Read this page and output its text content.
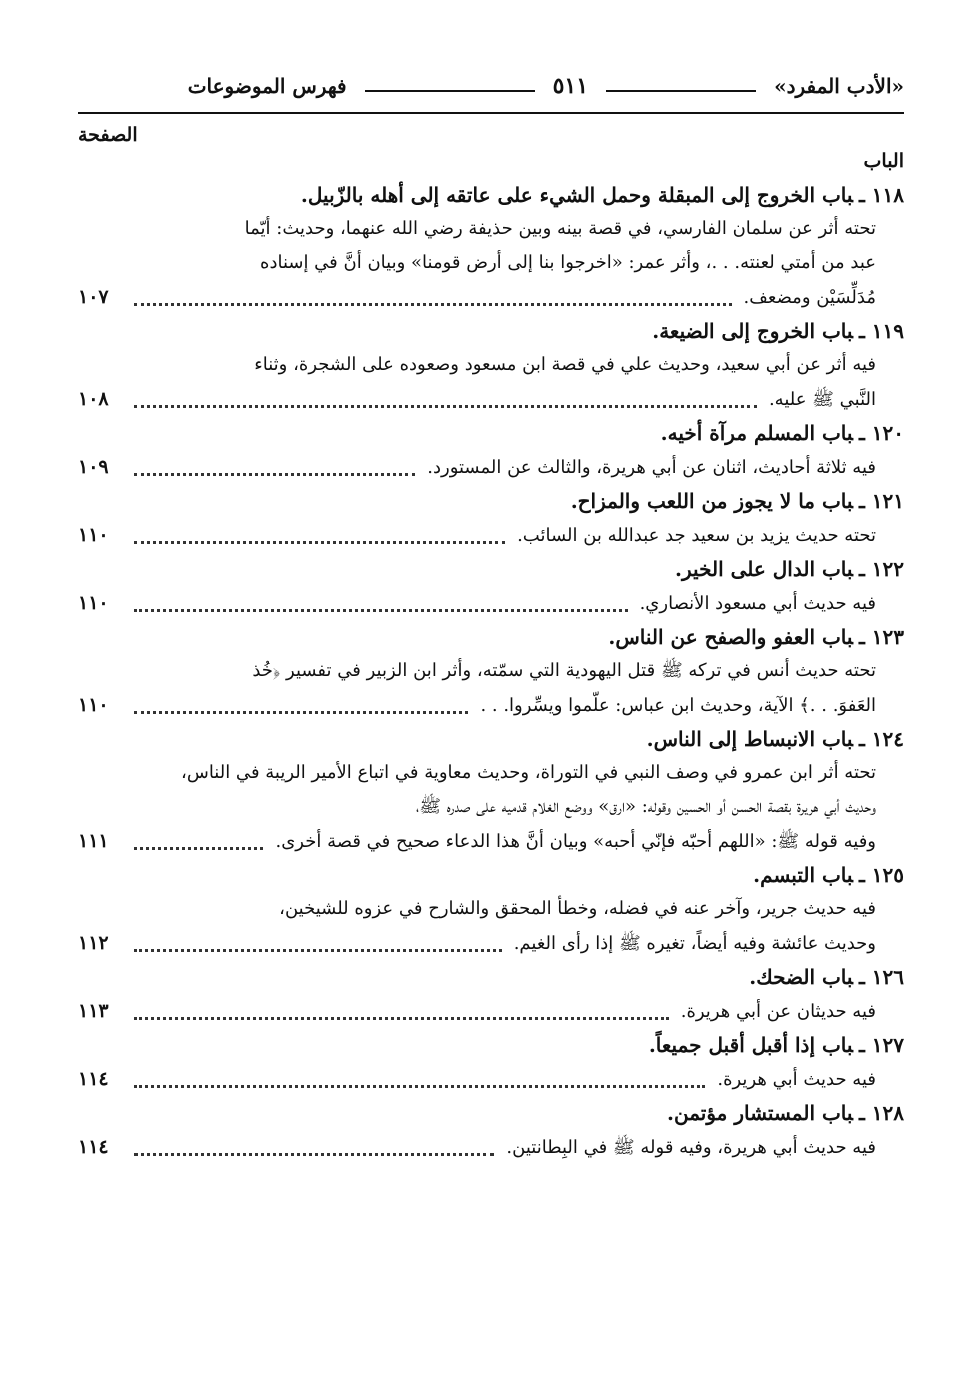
«الأدب المفرد»
٥١١
فهرس الموضوعات
الباب
الصفحة
١١٨ ـباب الخروج إلى المبقلة وحمل الشيء على عاتقه إلى أهله بالزّبيل.
تحته أثر عن سلمان الفارسي، في قصة بينه وبين حذيفة رضي الله عنهما، وحديث: أيّما
عبد من أمتي لعنته. . .، وأثر عمر: «اخرجوا بنا إلى أرض قومنا» وبيان أنَّ في إسناده
مُدَلِّسَيْن ومضعف.
١٠٧
١١٩ ـباب الخروج إلى الضيعة.
فيه أثر عن أبي سعيد، وحديث علي في قصة ابن مسعود وصعوده على الشجرة، وثناء
النَّبي ﷺ عليه.
١٠٨
١٢٠ ـباب المسلم مرآة أخيه.
فيه ثلاثة أحاديث، اثنان عن أبي هريرة، والثالث عن المستورد.
١٠٩
١٢١ ـباب ما لا يجوز من اللعب والمزاح.
تحته حديث يزيد بن سعيد جد عبدالله بن السائب.
١١٠
١٢٢ ـباب الدال على الخير.
فيه حديث أبي مسعود الأنصاري.
١١٠
١٢٣ ـباب العفو والصفح عن الناس.
تحته حديث أنس في تركه ﷺ قتل اليهودية التي سمّته، وأثر ابن الزبير في تفسير ﴿خُذ
العَفوَ. . .﴾ الآية، وحديث ابن عباس: علّموا ويسِّروا. . .
١١٠
١٢٤ ـباب الانبساط إلى الناس.
تحته أثر ابن عمرو في وصف النبي في التوراة، وحديث معاوية في اتباع الأمير الريبة في الناس،
وحديث أبي هريرة بقصة الحسن أو الحسين وقوله: «ارق» ووضع الغلام قدميه على صدره ﷺ،
وفيه قوله ﷺ: «اللهم أحبّه فإنّي أحبه» وبيان أنَّ هذا الدعاء صحيح في قصة أخرى.
١١١
١٢٥ ـباب التبسم.
فيه حديث جرير، وآخر عنه في فضله، وخطأ المحقق والشارح في عزوه للشيخين،
وحديث عائشة وفيه أيضاً، تغيره ﷺ إذا رأى الغيم.
١١٢
١٢٦ ـباب الضحك.
فيه حديثان عن أبي هريرة.
١١٣
١٢٧ ـباب إذا أقبل أقبل جميعاً.
فيه حديث أبي هريرة.
١١٤
١٢٨ ـباب المستشار مؤتمن.
فيه حديث أبي هريرة، وفيه قوله ﷺ في البِطانتين.
١١٤
